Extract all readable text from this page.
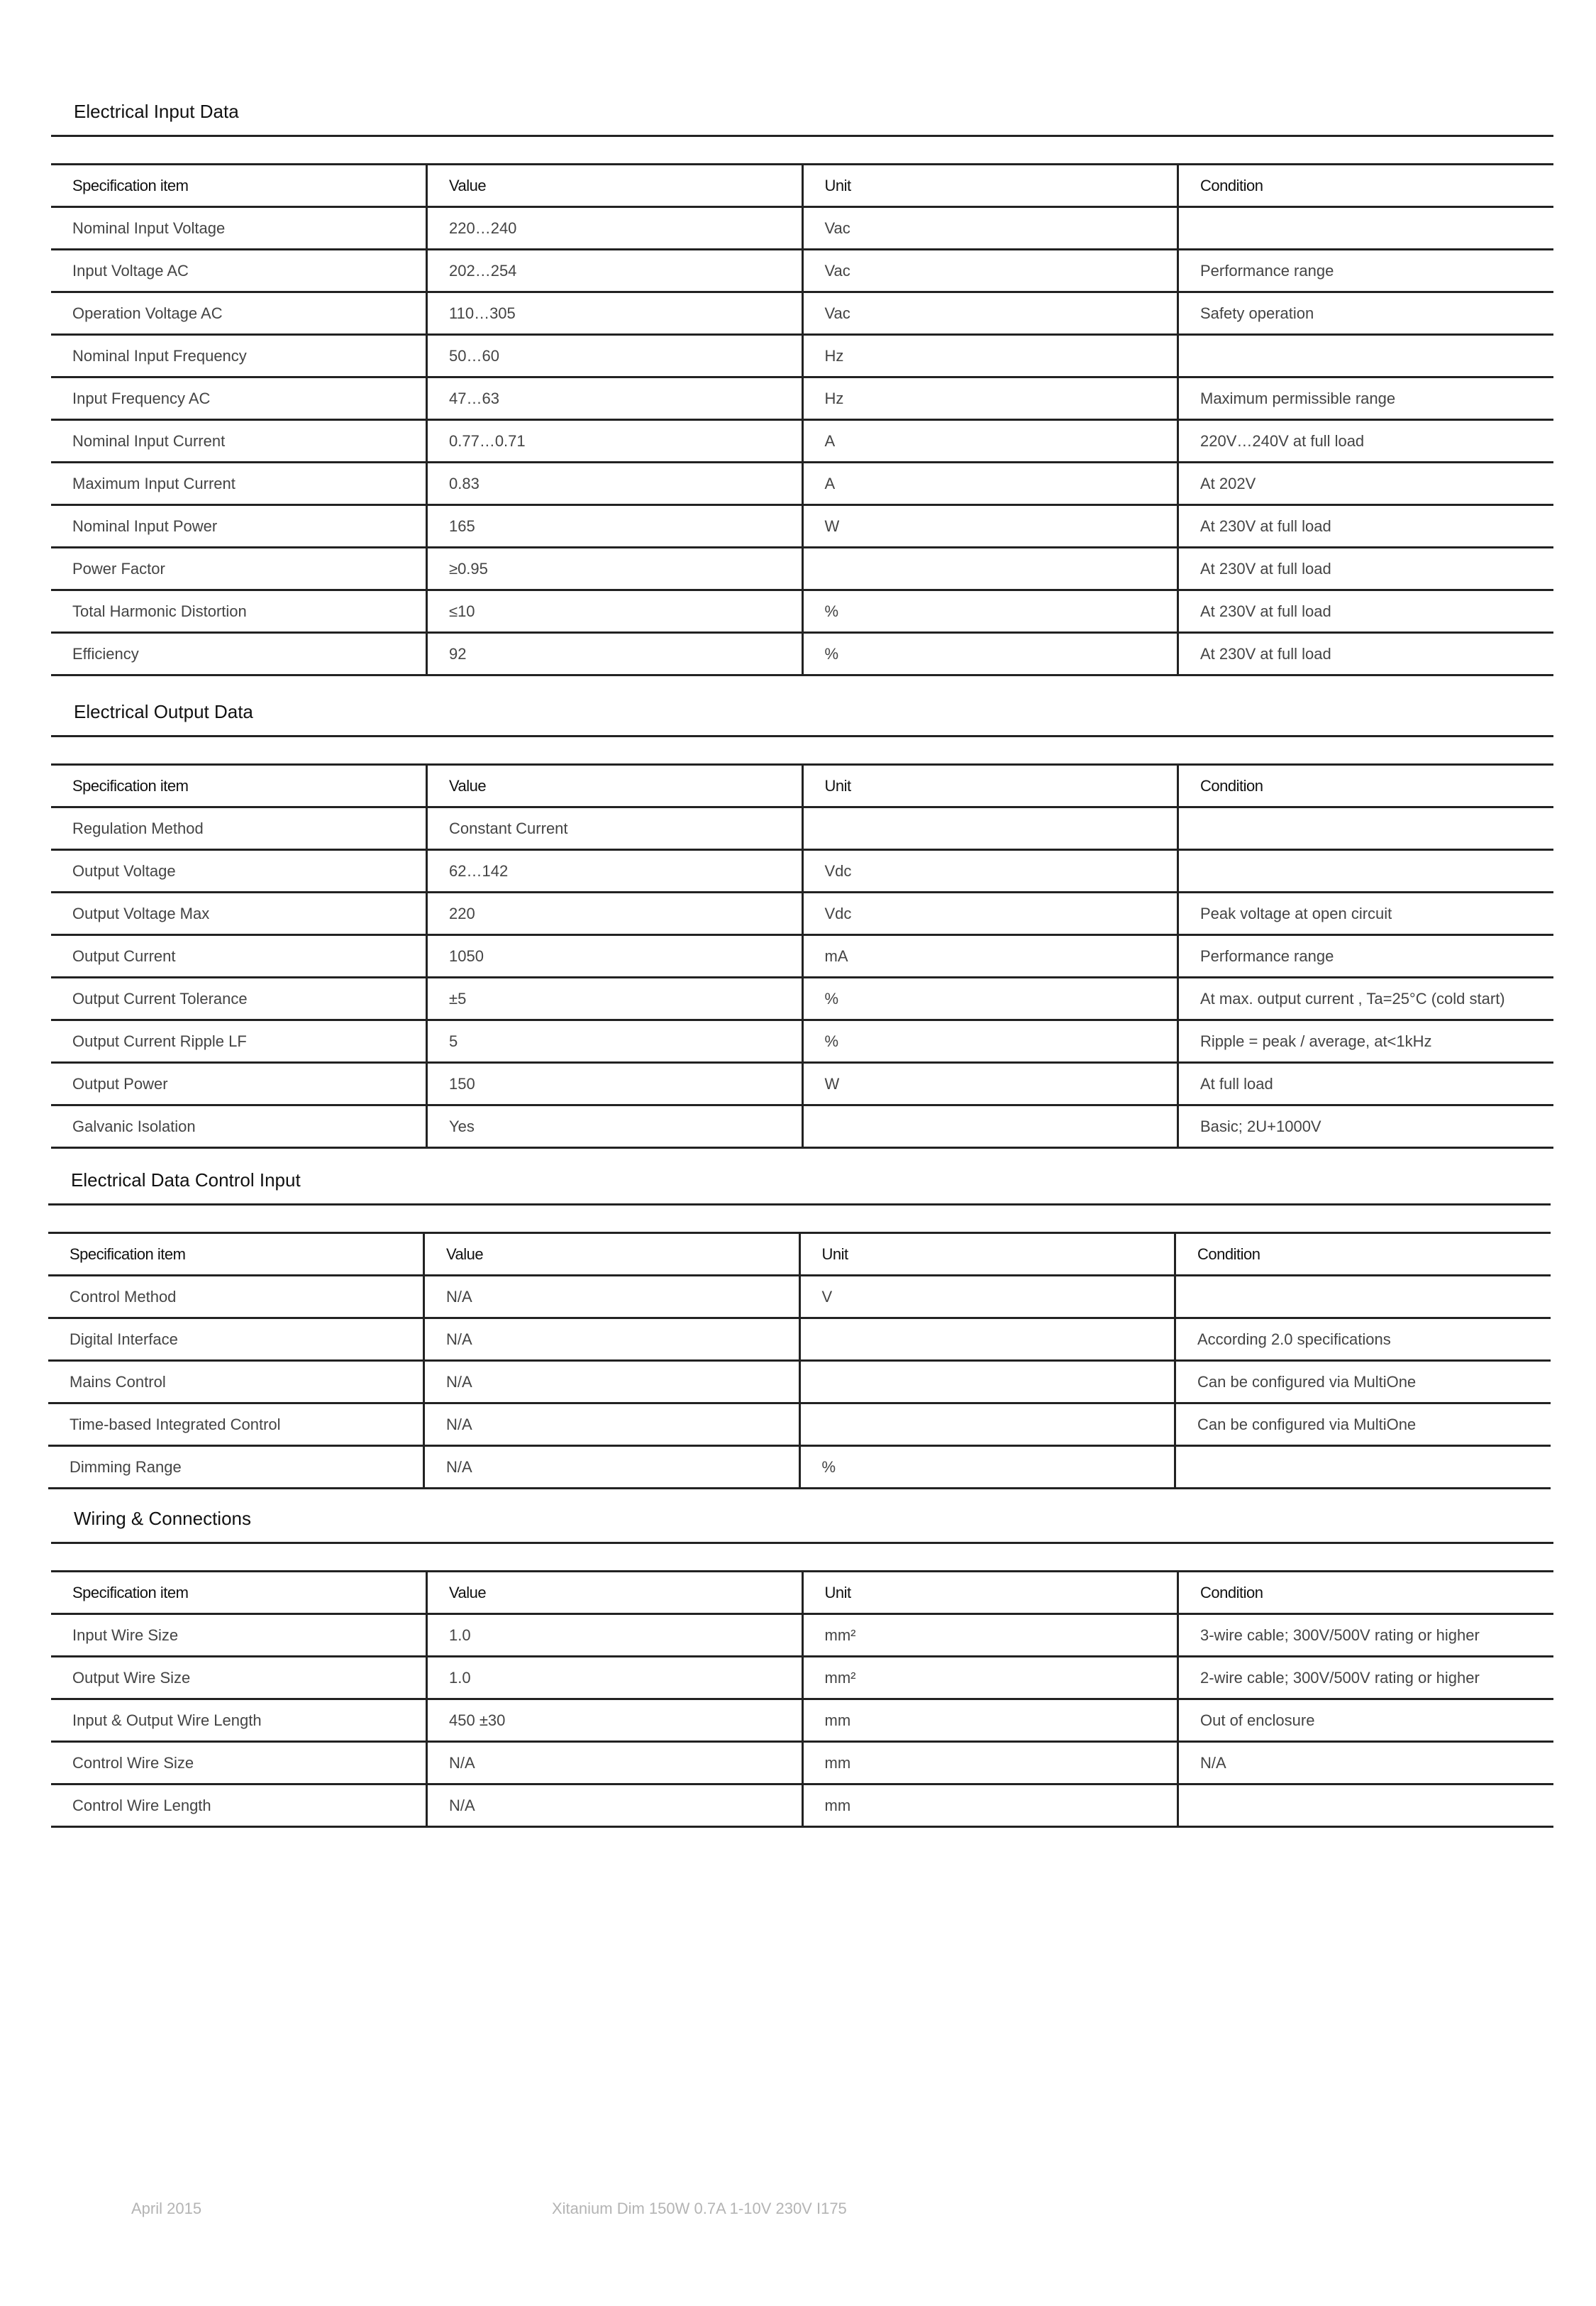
Electrical Input Data
Specification item	Value	Unit	Condition
Nominal Input Voltage	220…240	Vac	
Input Voltage AC	202…254	Vac	Performance range
Operation Voltage AC	110…305	Vac	Safety operation
Nominal Input Frequency	50…60	Hz	
Input Frequency AC	47…63	Hz	Maximum permissible range
Nominal Input Current	0.77…0.71	A	220V…240V at full load
Maximum Input Current	0.83	A	At 202V
Nominal Input Power	165	W	At 230V at full load
Power Factor	≥0.95		At 230V at full load
Total Harmonic Distortion	≤10	%	At 230V at full load
Efficiency	92	%	At 230V at full load
Electrical Output Data
Specification item	Value	Unit	Condition
Regulation Method	Constant Current		
Output Voltage	62…142	Vdc	
Output Voltage Max	220	Vdc	Peak voltage at open circuit
Output Current	1050	mA	Performance range
Output Current Tolerance	±5	%	At max. output current , Ta=25°C (cold start)
Output Current Ripple LF	5	%	Ripple = peak / average, at<1kHz
Output Power	150	W	At full load
Galvanic Isolation	Yes		Basic; 2U+1000V
Electrical Data Control Input
Specification item	Value	Unit	Condition
Control Method	N/A	V	
Digital Interface	N/A		According 2.0 specifications
Mains Control	N/A		Can be configured via MultiOne
Time-based Integrated Control	N/A		Can be configured via MultiOne
Dimming Range	N/A	%	
Wiring & Connections
Specification item	Value	Unit	Condition
Input Wire Size	1.0	mm²	3-wire cable; 300V/500V rating or higher
Output Wire Size	1.0	mm²	2-wire cable; 300V/500V rating or higher
Input & Output Wire Length	450 ±30	mm	Out of enclosure
Control Wire Size	N/A	mm	N/A
Control Wire Length	N/A	mm	
April 2015	Xitanium Dim 150W 0.7A 1-10V 230V I175
